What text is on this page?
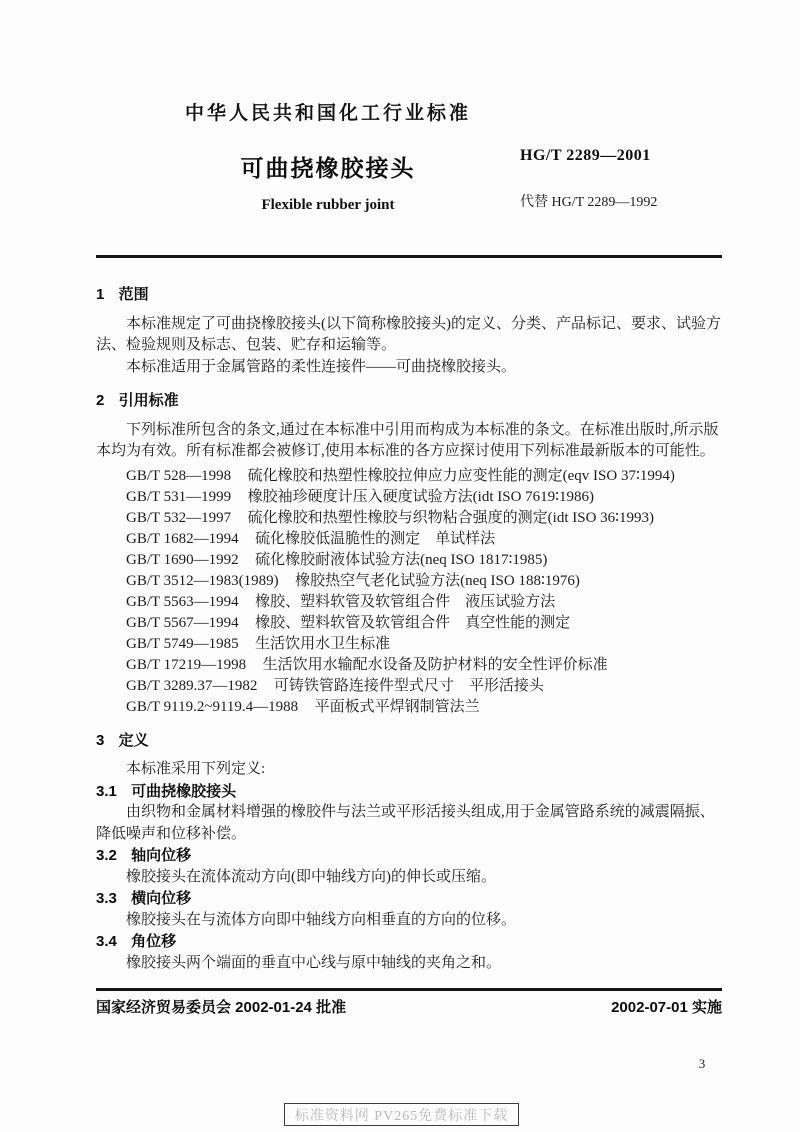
中华人民共和国化工行业标准
可曲挠橡胶接头
Flexible rubber joint
HG/T 2289—2001
代替 HG/T 2289—1992
1 范围

本标准规定了可曲挠橡胶接头(以下简称橡胶接头)的定义、分类、产品标记、要求、试验方法、检验规则及标志、包装、贮存和运输等。

本标准适用于金属管路的柔性连接件——可曲挠橡胶接头。

2 引用标准

下列标准所包含的条文,通过在本标准中引用而构成为本标准的条文。在标准出版时,所示版本均为有效。所有标准都会被修订,使用本标准的各方应探讨使用下列标准最新版本的可能性。

GB/T 528—1998 硫化橡胶和热塑性橡胶拉伸应力应变性能的测定(eqv ISO 37∶1994)
GB/T 531—1999 橡胶袖珍硬度计压入硬度试验方法(idt ISO 7619∶1986)
GB/T 532—1997 硫化橡胶和热塑性橡胶与织物粘合强度的测定(idt ISO 36∶1993)
GB/T 1682—1994 硫化橡胶低温脆性的测定　单试样法
GB/T 1690—1992 硫化橡胶耐液体试验方法(neq ISO 1817∶1985)
GB/T 3512—1983(1989) 橡胶热空气老化试验方法(neq ISO 188∶1976)
GB/T 5563—1994 橡胶、塑料软管及软管组合件　液压试验方法
GB/T 5567—1994 橡胶、塑料软管及软管组合件　真空性能的测定
GB/T 5749—1985 生活饮用水卫生标准
GB/T 17219—1998 生活饮用水输配水设备及防护材料的安全性评价标准
GB/T 3289.37—1982 可铸铁管路连接件型式尺寸　平形活接头
GB/T 9119.2~9119.4—1988 平面板式平焊钢制管法兰
3 定义

本标准采用下列定义:

3.1 可曲挠橡胶接头

由织物和金属材料增强的橡胶件与法兰或平形活接头组成,用于金属管路系统的减震隔振、降低噪声和位移补偿。

3.2 轴向位移

橡胶接头在流体流动方向(即中轴线方向)的伸长或压缩。

3.3 横向位移

橡胶接头在与流体方向即中轴线方向相垂直的方向的位移。

3.4 角位移

橡胶接头两个端面的垂直中心线与原中轴线的夹角之和。

国家经济贸易委员会 2002-01-24 批准	2002-07-01 实施
3
标准资料网 PV265免费标准下载
